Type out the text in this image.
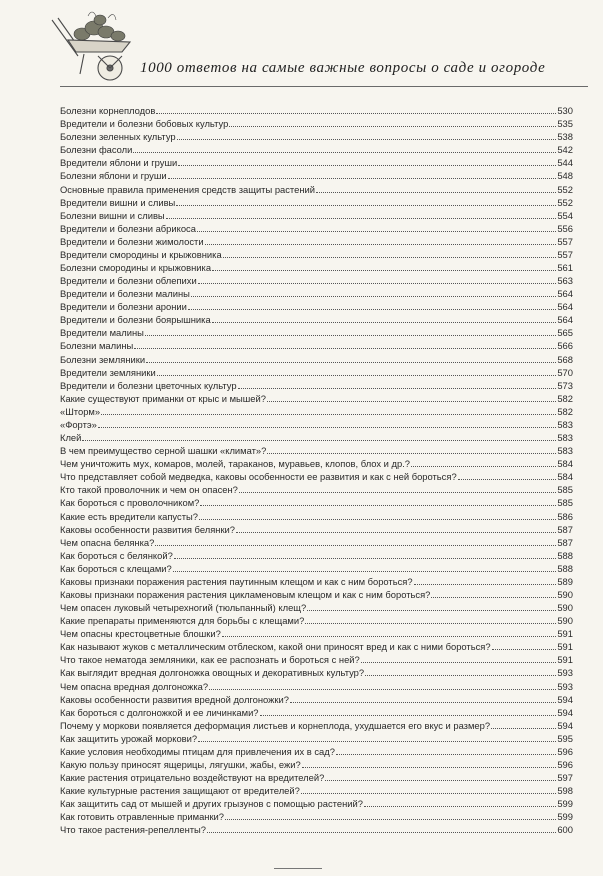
1000 ответов на самые важные вопросы о саде и огороде
Болезни корнеплодов	530
Вредители и болезни бобовых культур	535
Болезни зеленных культур	538
Болезни фасоли	542
Вредители яблони и груши	544
Болезни яблони и груши	548
Основные правила применения средств защиты растений	552
Вредители вишни и сливы	552
Болезни вишни и сливы	554
Вредители и болезни абрикоса	556
Вредители и болезни жимолости	557
Вредители смородины и крыжовника	557
Болезни смородины и крыжовника	561
Вредители и болезни облепихи	563
Вредители и болезни малины	564
Вредители и болезни аронии	564
Вредители и болезни боярышника	564
Вредители малины	565
Болезни малины	566
Болезни земляники	568
Вредители земляники	570
Вредители и болезни цветочных культур	573
Какие существуют приманки от крыс и мышей?	582
«Шторм»	582
«Фортэ»	583
Клей	583
В чем преимущество серной шашки «климат»?	583
Чем уничтожить мух, комаров, молей, тараканов, муравьев, клопов, блох и др.?	584
Что представляет собой медведка, каковы особенности ее развития и как с ней бороться?	584
Кто такой проволочник и чем он опасен?	585
Как бороться с проволочником?	585
Какие есть вредители капусты?	586
Каковы особенности развития белянки?	587
Чем опасна белянка?	587
Как бороться с белянкой?	588
Как бороться с клещами?	588
Каковы признаки поражения растения паутинным клещом и как с ним бороться?	589
Каковы признаки поражения растения цикламеновым клещом и как с ним бороться?	590
Чем опасен луковый четырехногий (тюльпанный) клещ?	590
Какие препараты применяются для борьбы с клещами?	590
Чем опасны крестоцветные блошки?	591
Как называют жуков с металлическим отблеском, какой они приносят вред и как с ними бороться?	591
Что такое нематода земляники, как ее распознать и бороться с ней?	591
Как выглядит вредная долгоножка овощных и декоративных культур?	593
Чем опасна вредная долгоножка?	593
Каковы особенности развития вредной долгоножки?	594
Как бороться с долгоножкой и ее личинками?	594
Почему у моркови появляется деформация листьев и корнеплода, ухудшается его вкус и размер?	594
Как защитить урожай моркови?	595
Какие условия необходимы птицам для привлечения их в сад?	596
Какую пользу приносят ящерицы, лягушки, жабы, ежи?	596
Какие растения отрицательно воздействуют на вредителей?	597
Какие культурные растения защищают от вредителей?	598
Как защитить сад от мышей и других грызунов с помощью растений?	599
Как готовить отравленные приманки?	599
Что такое растения-репелленты?	600
